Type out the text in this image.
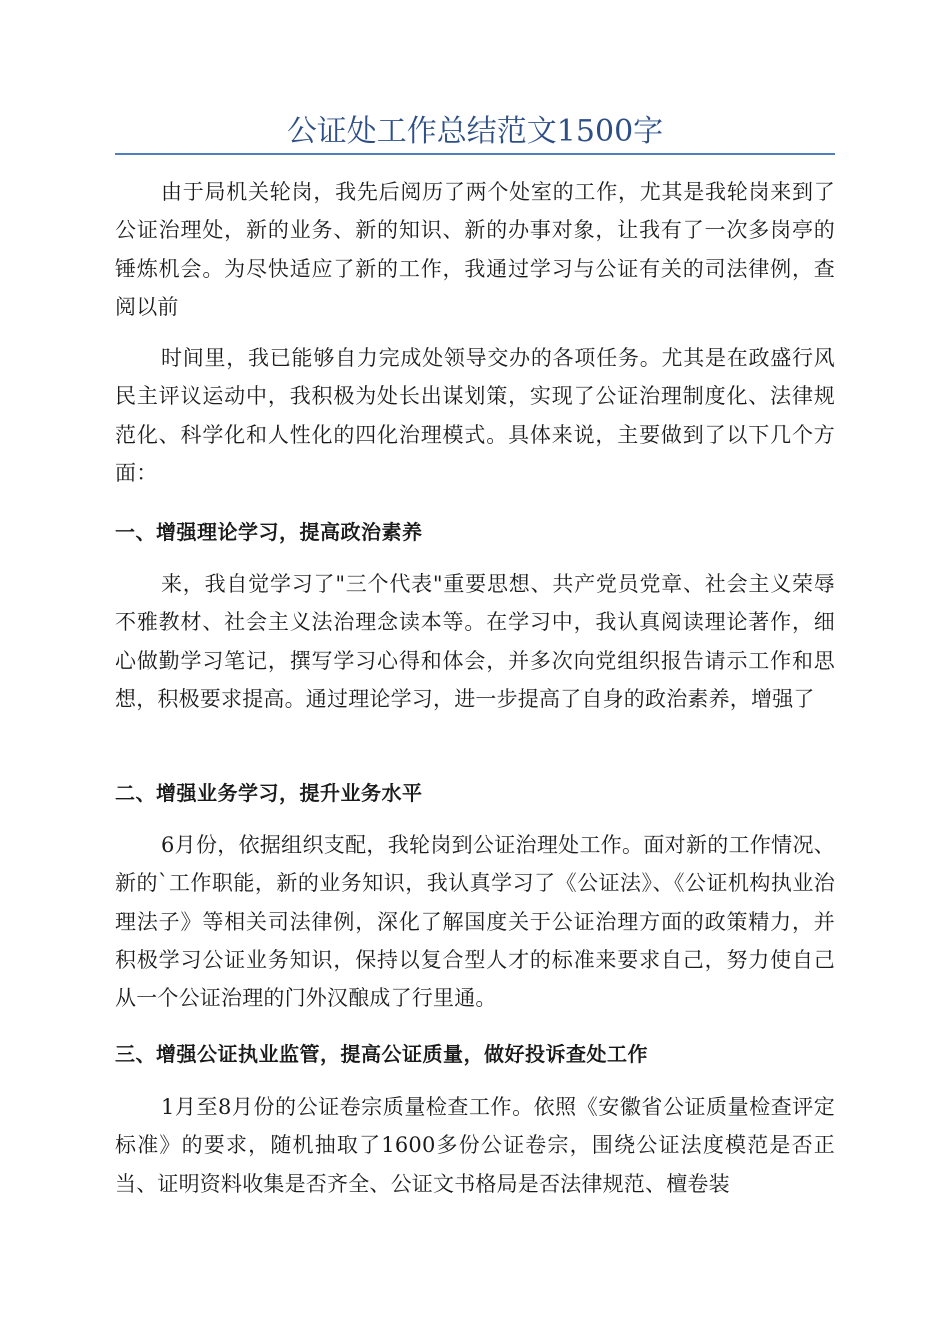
公证处工作总结范文1500字

由于局机关轮岗，我先后阅历了两个处室的工作，尤其是我轮岗来到了公证治理处，新的业务、新的知识、新的办事对象，让我有了一次多岗亭的锤炼机会。为尽快适应了新的工作，我通过学习与公证有关的司法律例，查阅以前

时间里，我已能够自力完成处领导交办的各项任务。尤其是在政盛行风民主评议运动中，我积极为处长出谋划策，实现了公证治理制度化、法律规范化、科学化和人性化的四化治理模式。具体来说，主要做到了以下几个方面：

一、增强理论学习，提高政治素养

来，我自觉学习了"三个代表"重要思想、共产党员党章、社会主义荣辱不雅教材、社会主义法治理念读本等。在学习中，我认真阅读理论著作，细心做勤学习笔记，撰写学习心得和体会，并多次向党组织报告请示工作和思想，积极要求提高。通过理论学习，进一步提高了自身的政治素养，增强了

二、增强业务学习，提升业务水平

6月份，依据组织支配，我轮岗到公证治理处工作。面对新的工作情况、新的`工作职能，新的业务知识，我认真学习了《公证法》、《公证机构执业治理法子》等相关司法律例，深化了解国度关于公证治理方面的政策精力，并积极学习公证业务知识，保持以复合型人才的标准来要求自己，努力使自己从一个公证治理的门外汉酿成了行里通。

三、增强公证执业监管，提高公证质量，做好投诉查处工作

1月至8月份的公证卷宗质量检查工作。依照《安徽省公证质量检查评定标准》的要求，随机抽取了1600多份公证卷宗，围绕公证法度模范是否正当、证明资料收集是否齐全、公证文书格局是否法律规范、檀卷装
